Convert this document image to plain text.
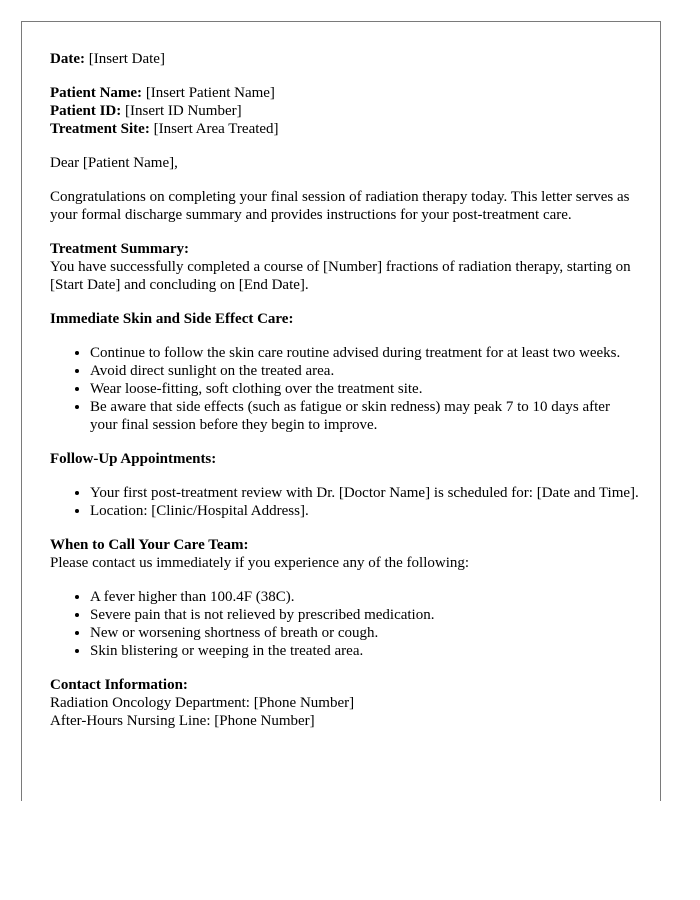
Date: [Insert Date]

Patient Name: [Insert Patient Name]
Patient ID: [Insert ID Number]
Treatment Site: [Insert Area Treated]

Dear [Patient Name],

Congratulations on completing your final session of radiation therapy today. This letter serves as your formal discharge summary and provides instructions for your post-treatment care.

Treatment Summary:
You have successfully completed a course of [Number] fractions of radiation therapy, starting on [Start Date] and concluding on [End Date].

Immediate Skin and Side Effect Care:

• Continue to follow the skin care routine advised during treatment for at least two weeks.
• Avoid direct sunlight on the treated area.
• Wear loose-fitting, soft clothing over the treatment site.
• Be aware that side effects (such as fatigue or skin redness) may peak 7 to 10 days after your final session before they begin to improve.

Follow-Up Appointments:

• Your first post-treatment review with Dr. [Doctor Name] is scheduled for: [Date and Time].
• Location: [Clinic/Hospital Address].
When to Call Your Care Team:
Please contact us immediately if you experience any of the following:
• A fever higher than 100.4F (38C).
• Severe pain that is not relieved by prescribed medication.
• New or worsening shortness of breath or cough.
• Skin blistering or weeping in the treated area.
Contact Information:
Radiation Oncology Department: [Phone Number]
After-Hours Nursing Line: [Phone Number]
